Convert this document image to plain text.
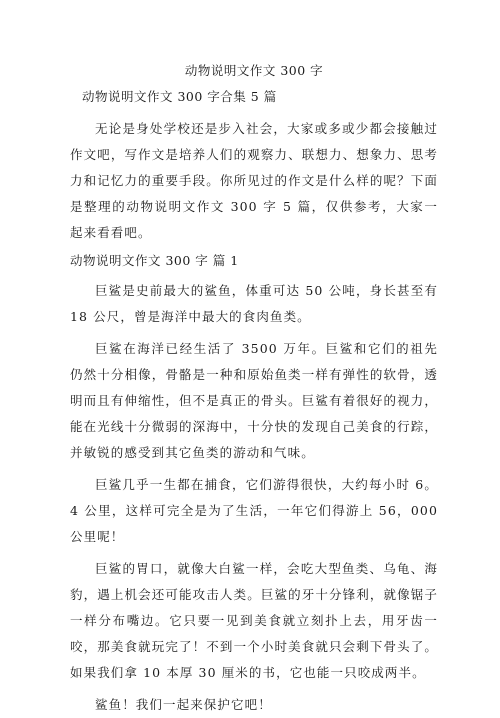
动物说明文作文 300 字
动物说明文作文 300 字合集 5 篇

无论是身处学校还是步入社会，大家或多或少都会接触过作文吧，写作文是培养人们的观察力、联想力、想象力、思考力和记忆力的重要手段。你所见过的作文是什么样的呢？下面是整理的动物说明文作文 300 字 5 篇，仅供参考，大家一起来看看吧。

动物说明文作文 300 字 篇 1

巨鲨是史前最大的鲨鱼，体重可达 50 公吨，身长甚至有 18 公尺，曾是海洋中最大的食肉鱼类。

巨鲨在海洋已经生活了 3500 万年。巨鲨和它们的祖先仍然十分相像，骨骼是一种和原始鱼类一样有弹性的软骨，透明而且有伸缩性，但不是真正的骨头。巨鲨有着很好的视力，能在光线十分微弱的深海中，十分快的发现自己美食的行踪，并敏锐的感受到其它鱼类的游动和气味。

巨鲨几乎一生都在捕食，它们游得很快，大约每小时 6。4 公里，这样可完全是为了生活，一年它们得游上 56，000 公里呢！

巨鲨的胃口，就像大白鲨一样，会吃大型鱼类、乌龟、海豹，遇上机会还可能攻击人类。巨鲨的牙十分锋利，就像锯子一样分布嘴边。它只要一见到美食就立刻扑上去，用牙齿一咬，那美食就玩完了！不到一个小时美食就只会剩下骨头了。如果我们拿 10 本厚 30 厘米的书，它也能一只咬成两半。

鲨鱼！我们一起来保护它吧！
